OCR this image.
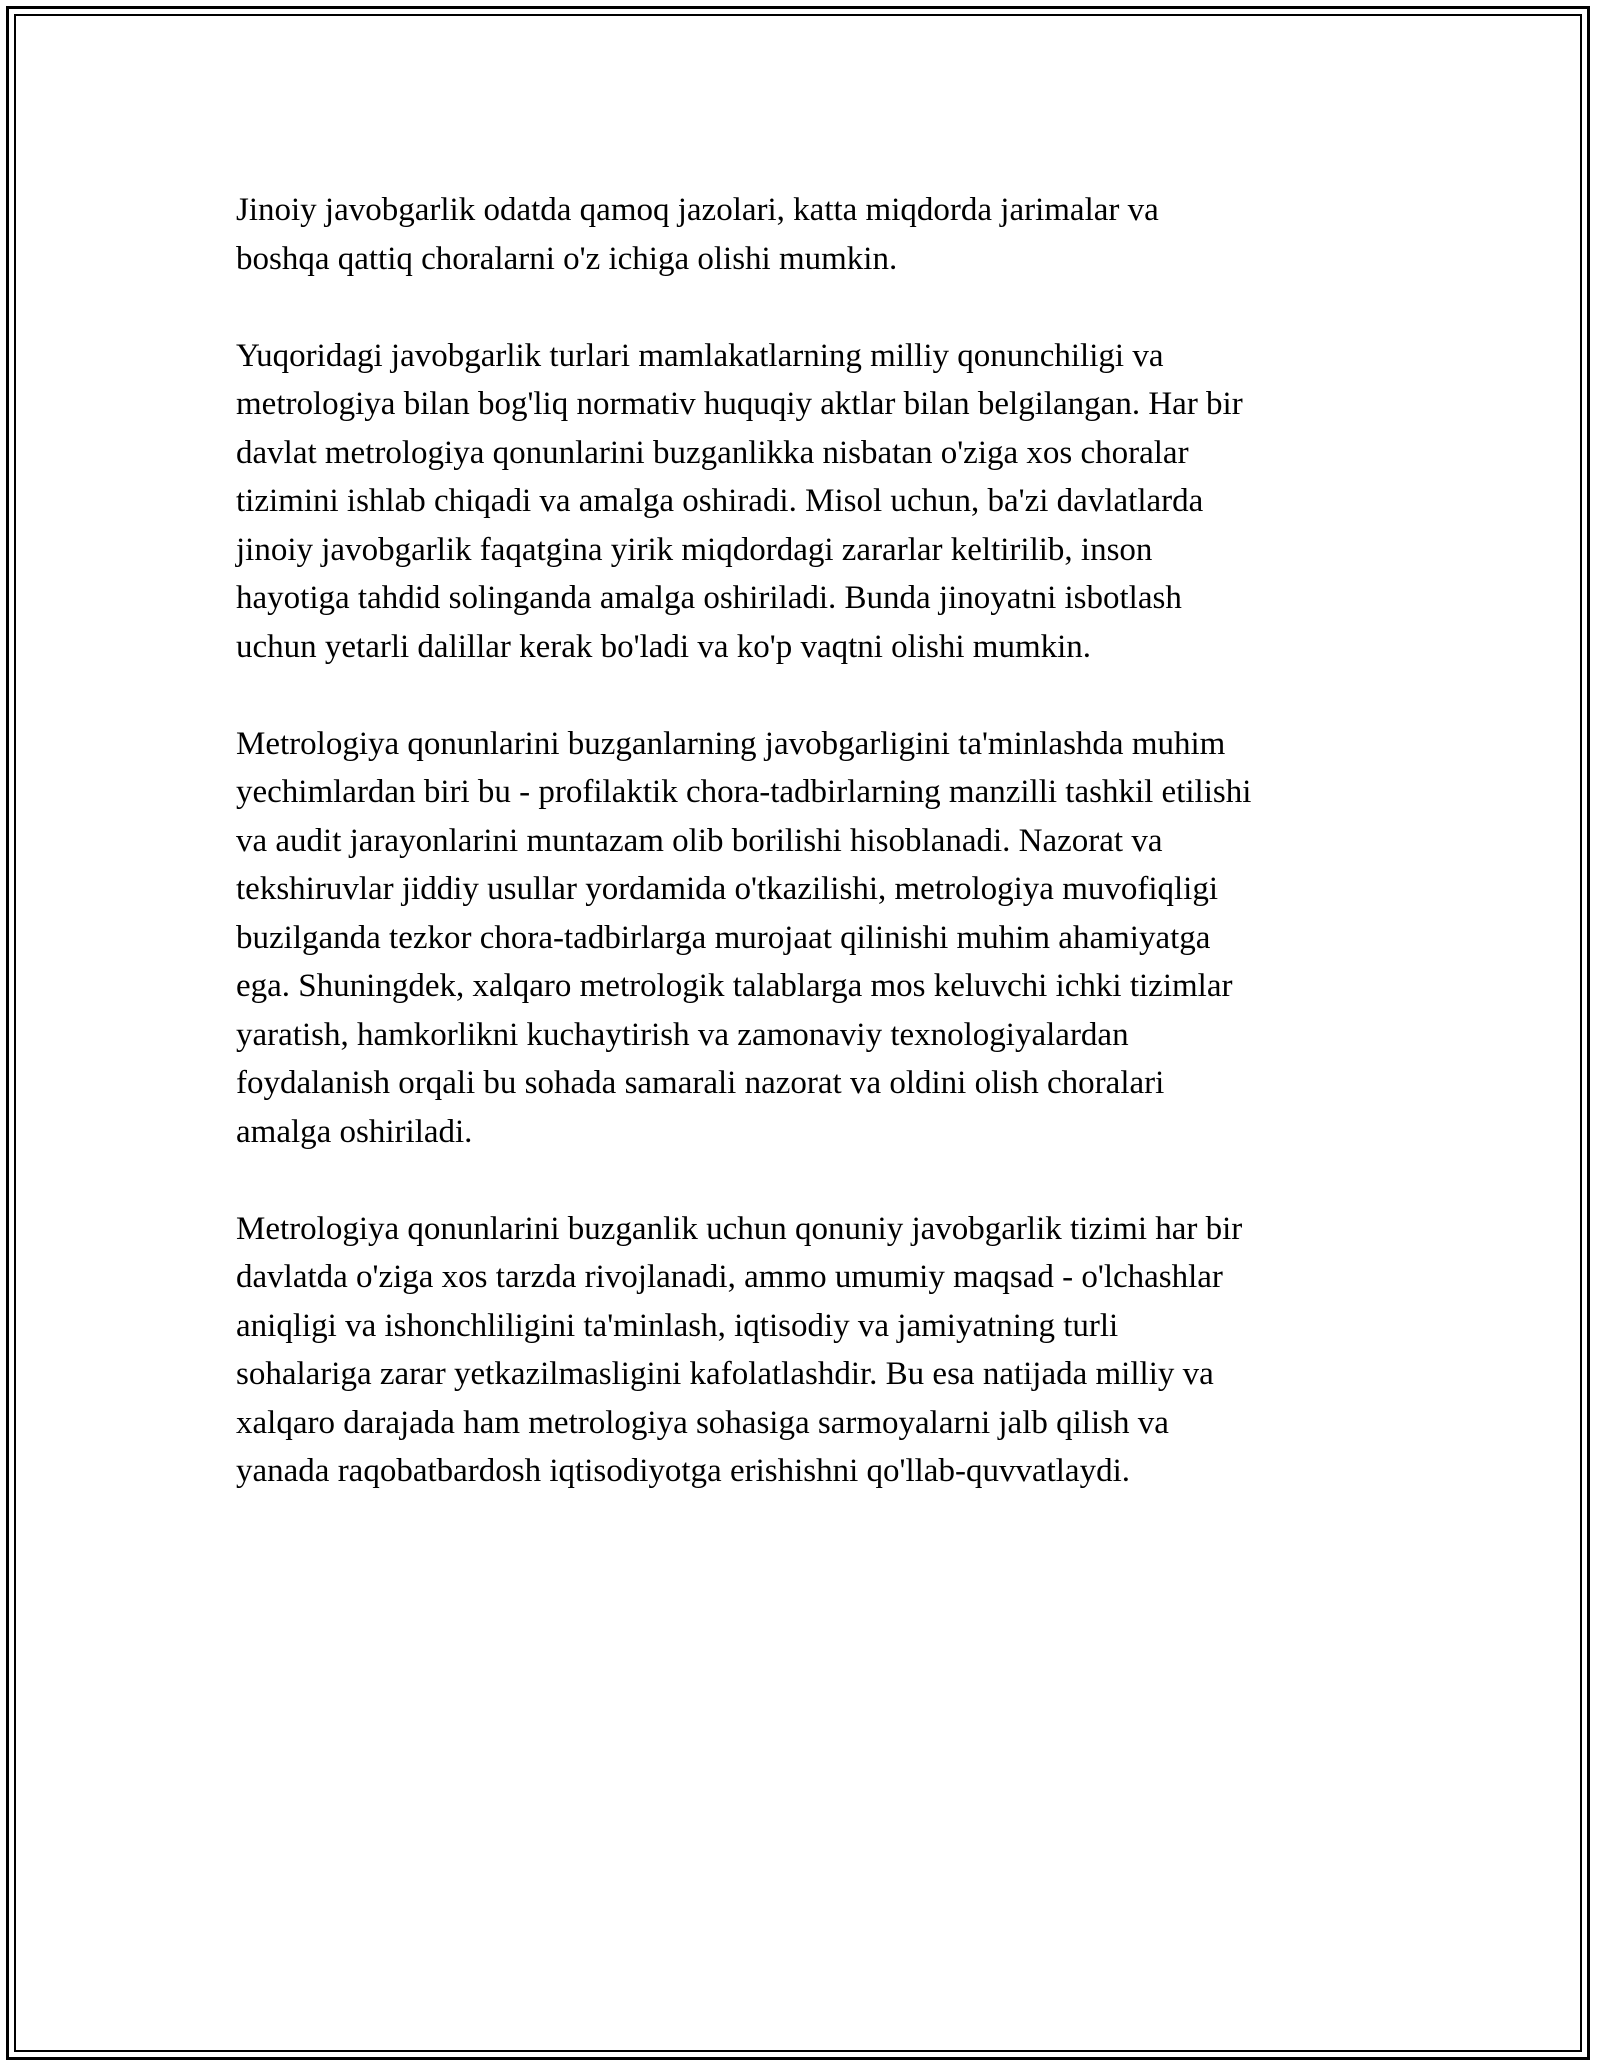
Jinoiy javobgarlik odatda qamoq jazolari, katta miqdorda jarimalar va
boshqa qattiq choralarni o'z ichiga olishi mumkin.

Yuqoridagi javobgarlik turlari mamlakatlarning milliy qonunchiligi va
metrologiya bilan bog'liq normativ huquqiy aktlar bilan belgilangan. Har bir
davlat metrologiya qonunlarini buzganlikka nisbatan o'ziga xos choralar
tizimini ishlab chiqadi va amalga oshiradi. Misol uchun, ba'zi davlatlarda
jinoiy javobgarlik faqatgina yirik miqdordagi zararlar keltirilib, inson
hayotiga tahdid solinganda amalga oshiriladi. Bunda jinoyatni isbotlash
uchun yetarli dalillar kerak bo'ladi va ko'p vaqtni olishi mumkin.

Metrologiya qonunlarini buzganlarning javobgarligini ta'minlashda muhim
yechimlardan biri bu - profilaktik chora-tadbirlarning manzilli tashkil etilishi
va audit jarayonlarini muntazam olib borilishi hisoblanadi. Nazorat va
tekshiruvlar jiddiy usullar yordamida o'tkazilishi, metrologiya muvofiqligi
buzilganda tezkor chora-tadbirlarga murojaat qilinishi muhim ahamiyatga
ega. Shuningdek, xalqaro metrologik talablarga mos keluvchi ichki tizimlar
yaratish, hamkorlikni kuchaytirish va zamonaviy texnologiyalardan
foydalanish orqali bu sohada samarali nazorat va oldini olish choralari
amalga oshiriladi.

Metrologiya qonunlarini buzganlik uchun qonuniy javobgarlik tizimi har bir
davlatda o'ziga xos tarzda rivojlanadi, ammo umumiy maqsad - o'lchashlar
aniqligi va ishonchliligini ta'minlash, iqtisodiy va jamiyatning turli
sohalariga zarar yetkazilmasligini kafolatlashdir. Bu esa natijada milliy va
xalqaro darajada ham metrologiya sohasiga sarmoyalarni jalb qilish va
yanada raqobatbardosh iqtisodiyotga erishishni qo'llab-quvvatlaydi.
